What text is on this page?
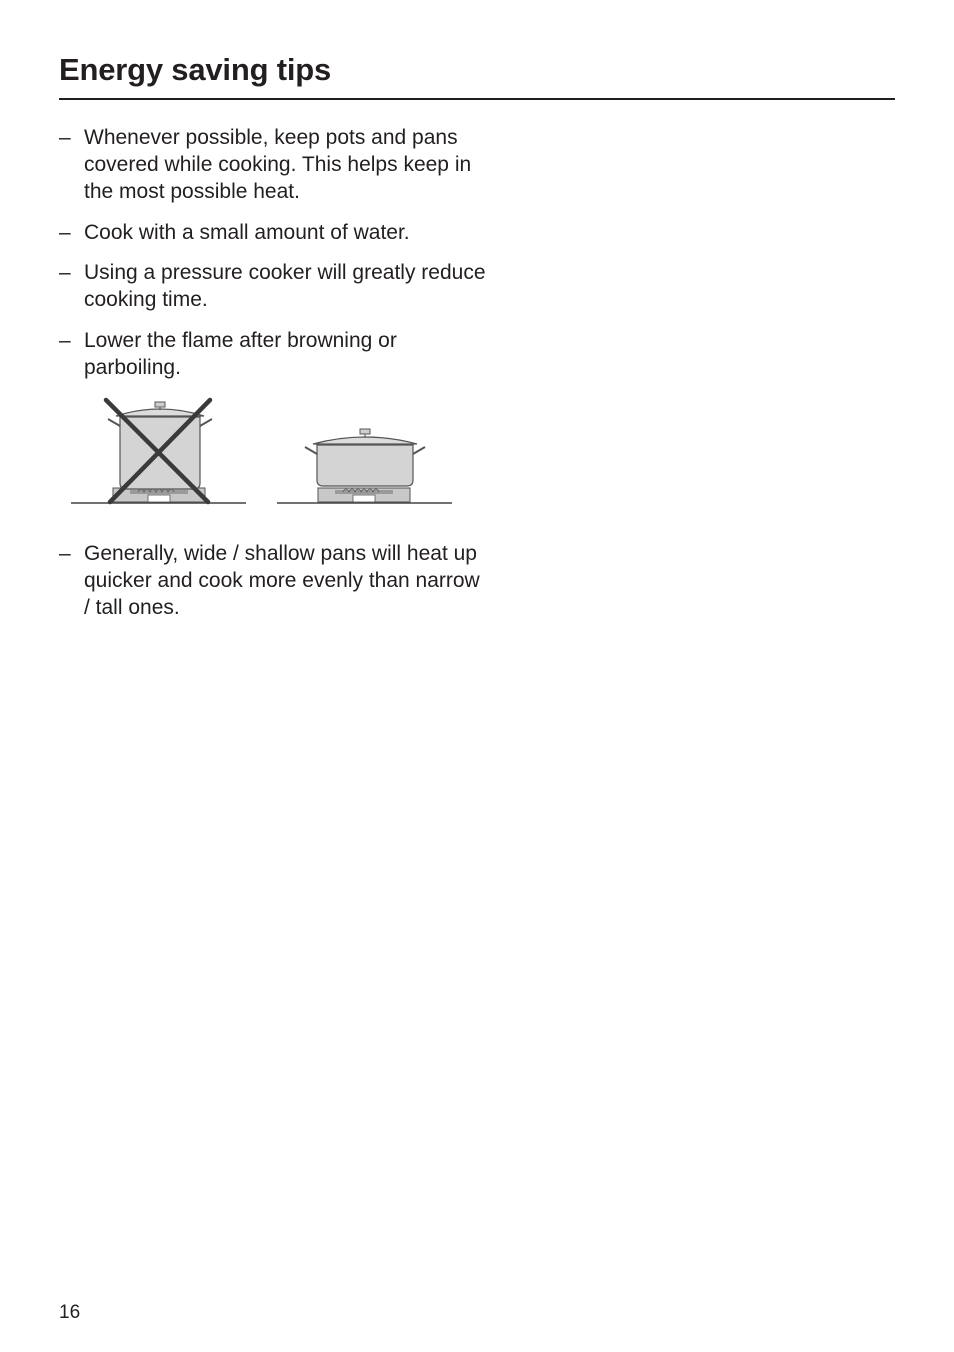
Energy saving tips
– Whenever possible, keep pots and pans covered while cooking. This helps keep in the most possible heat.
– Cook with a small amount of water.
– Using a pressure cooker will greatly reduce cooking time.
– Lower the flame after browning or parboiling.
– Generally, wide / shallow pans will heat up quicker and cook more evenly than narrow / tall ones.
16
